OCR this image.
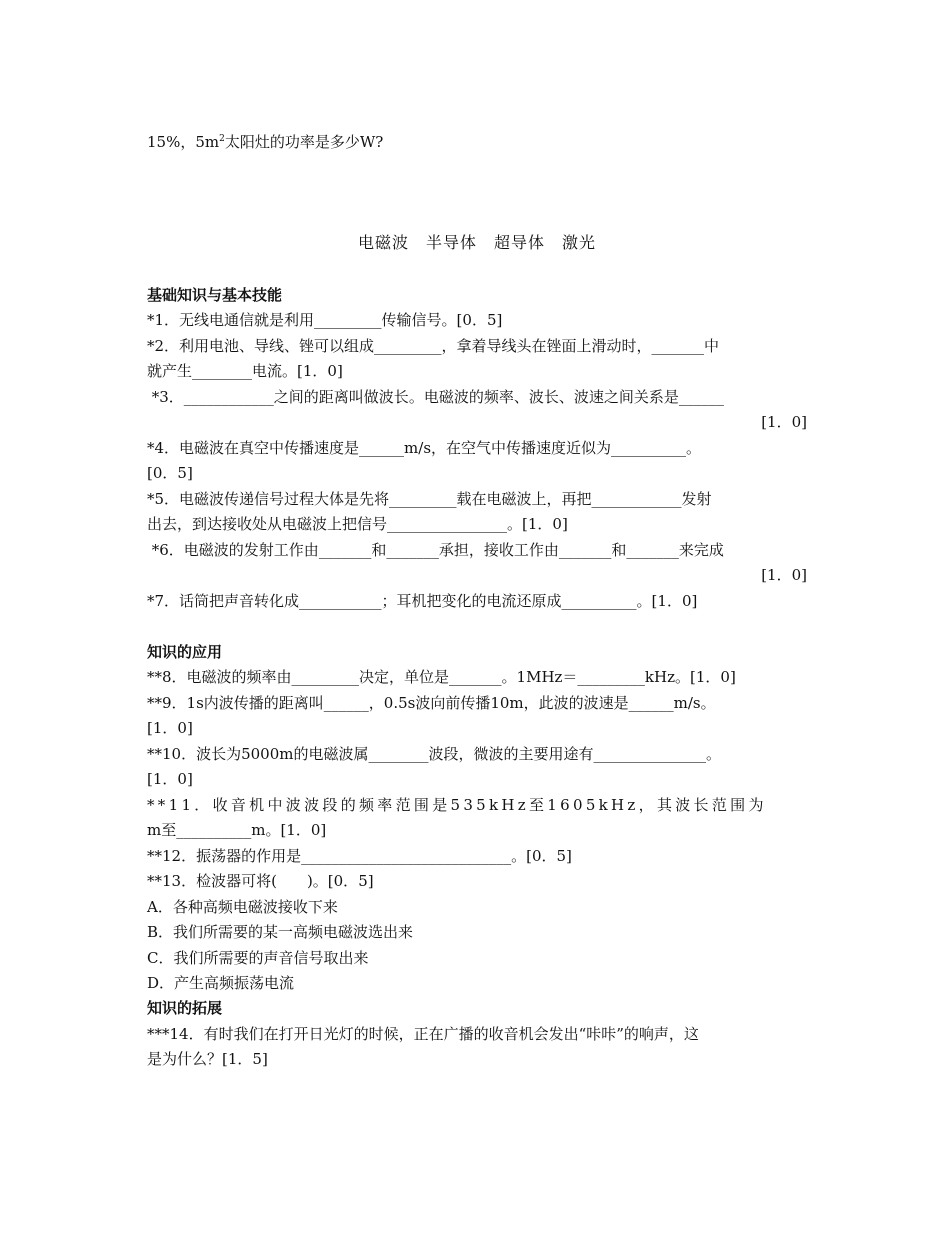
15%，$5m^2$太阳灶的功率是多少W?
电磁波　半导体　超导体　激光
基础知识与基本技能
*1．无线电通信就是利用_________传输信号。[0．5]
*2．利用电池、导线、锉可以组成_________，拿着导线头在锉面上滑动时，_______中
就产生________电流。[1．0]
*3．____________之间的距离叫做波长。电磁波的频率、波长、波速之间关系是______
[1．0]
*4．电磁波在真空中传播速度是______m/s，在空气中传播速度近似为__________。
[0．5]
*5．电磁波传递信号过程大体是先将_________载在电磁波上，再把____________发射
出去，到达接收处从电磁波上把信号________________。[1．0]
*6．电磁波的发射工作由_______和_______承担，接收工作由_______和_______来完成
[1．0]
*7．话筒把声音转化成___________；耳机把变化的电流还原成__________。[1．0]
知识的应用
**8．电磁波的频率由_________决定，单位是_______。1MHz＝_________kHz。[1．0]
**9．1s内波传播的距离叫______，0.5s波向前传播10m，此波的波速是______m/s。
[1．0]
**10．波长为5000m的电磁波属________波段，微波的主要用途有_______________。
[1．0]
**11．收音机中波波段的频率范围是535kHz至1605kHz，其波长范围为
m至__________m。[1．0]
**12．振荡器的作用是____________________________。[0．5]
**13．检波器可将(　　)。[0．5]
A．各种高频电磁波接收下来
B．我们所需要的某一高频电磁波选出来
C．我们所需要的声音信号取出来
D．产生高频振荡电流
知识的拓展
***14．有时我们在打开日光灯的时候，正在广播的收音机会发出“咔咔”的响声，这
是为什么？[1．5]
